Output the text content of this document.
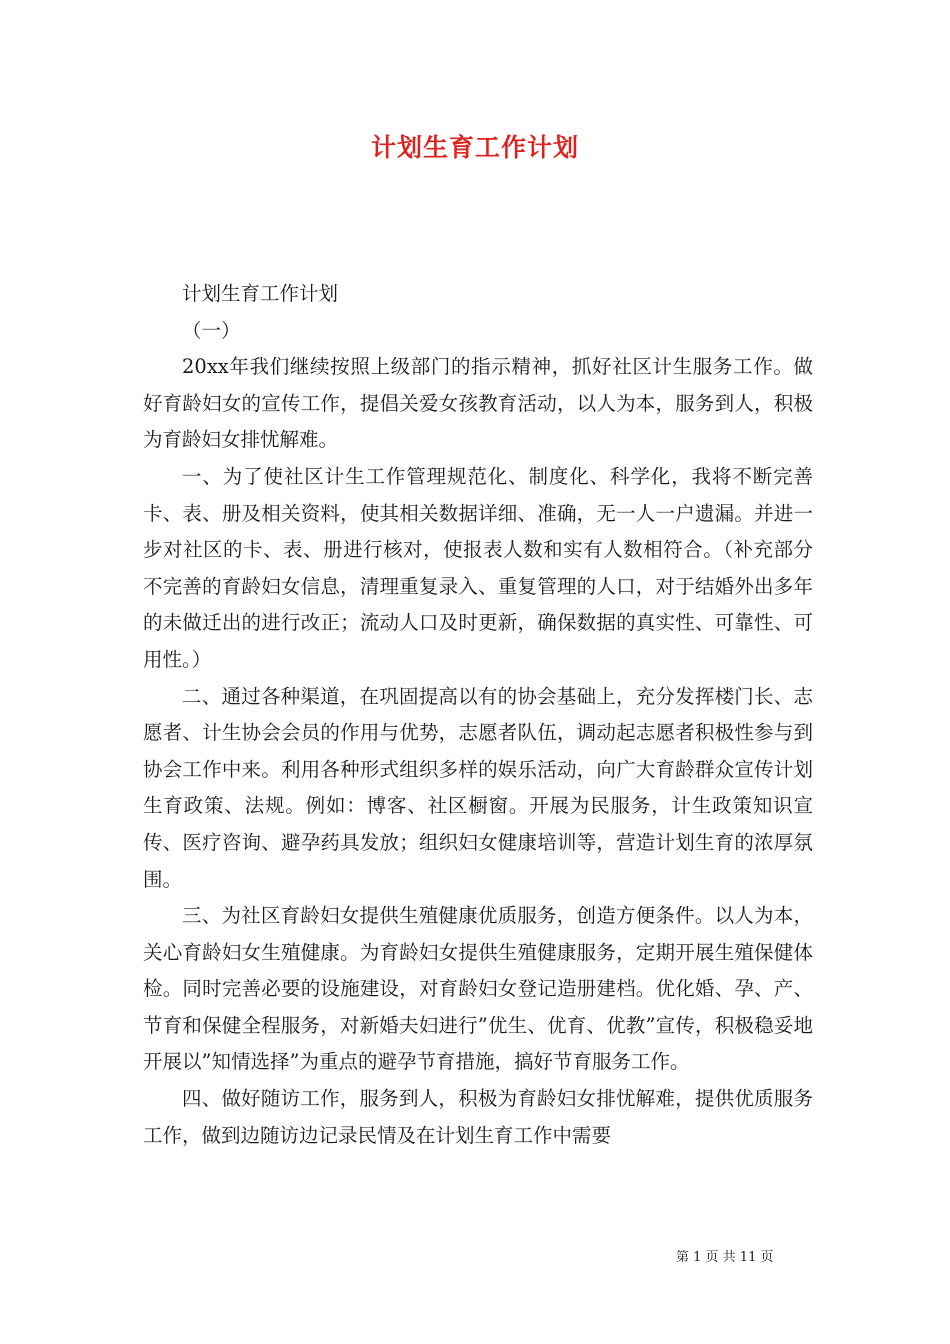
计划生育工作计划

计划生育工作计划

（一）

20xx年我们继续按照上级部门的指示精神，抓好社区计生服务工作。做好育龄妇女的宣传工作，提倡关爱女孩教育活动，以人为本，服务到人，积极为育龄妇女排忧解难。

一、为了使社区计生工作管理规范化、制度化、科学化，我将不断完善卡、表、册及相关资料，使其相关数据详细、准确，无一人一户遗漏。并进一步对社区的卡、表、册进行核对，使报表人数和实有人数相符合。（补充部分不完善的育龄妇女信息，清理重复录入、重复管理的人口，对于结婚外出多年的未做迁出的进行改正；流动人口及时更新，确保数据的真实性、可靠性、可用性。）

二、通过各种渠道，在巩固提高以有的协会基础上，充分发挥楼门长、志愿者、计生协会会员的作用与优势，志愿者队伍，调动起志愿者积极性参与到协会工作中来。利用各种形式组织多样的娱乐活动，向广大育龄群众宣传计划生育政策、法规。例如：博客、社区橱窗。开展为民服务，计生政策知识宣传、医疗咨询、避孕药具发放；组织妇女健康培训等，营造计划生育的浓厚氛围。

三、为社区育龄妇女提供生殖健康优质服务，创造方便条件。以人为本，关心育龄妇女生殖健康。为育龄妇女提供生殖健康服务，定期开展生殖保健体检。同时完善必要的设施建设，对育龄妇女登记造册建档。优化婚、孕、产、节育和保健全程服务，对新婚夫妇进行”优生、优育、优教”宣传，积极稳妥地开展以”知情选择”为重点的避孕节育措施，搞好节育服务工作。

四、做好随访工作，服务到人，积极为育龄妇女排忧解难，提供优质服务工作，做到边随访边记录民情及在计划生育工作中需要

第 1 页 共 11 页
